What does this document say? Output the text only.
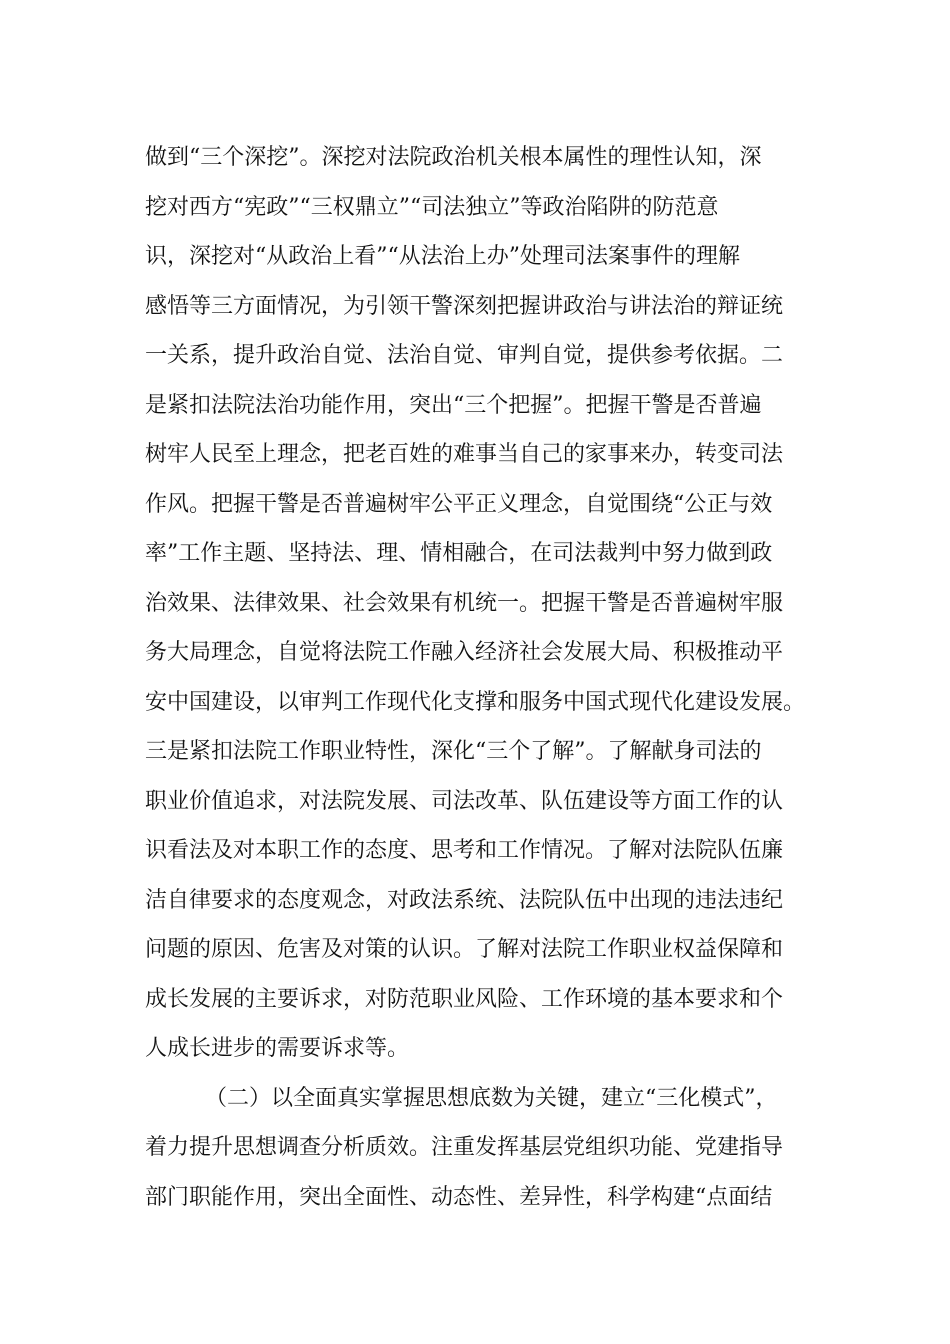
做到“三个深挖”。深挖对法院政治机关根本属性的理性认知，深
挖对西方“宪政”“三权鼎立”“司法独立”等政治陷阱的防范意
识，深挖对“从政治上看”“从法治上办”处理司法案事件的理解
感悟等三方面情况，为引领干警深刻把握讲政治与讲法治的辩证统
一关系，提升政治自觉、法治自觉、审判自觉，提供参考依据。二
是紧扣法院法治功能作用，突出“三个把握”。把握干警是否普遍
树牢人民至上理念，把老百姓的难事当自己的家事来办，转变司法
作风。把握干警是否普遍树牢公平正义理念，自觉围绕“公正与效
率”工作主题、坚持法、理、情相融合，在司法裁判中努力做到政
治效果、法律效果、社会效果有机统一。把握干警是否普遍树牢服
务大局理念，自觉将法院工作融入经济社会发展大局、积极推动平
安中国建设，以审判工作现代化支撑和服务中国式现代化建设发展。
三是紧扣法院工作职业特性，深化“三个了解”。了解献身司法的
职业价值追求，对法院发展、司法改革、队伍建设等方面工作的认
识看法及对本职工作的态度、思考和工作情况。了解对法院队伍廉
洁自律要求的态度观念，对政法系统、法院队伍中出现的违法违纪
问题的原因、危害及对策的认识。了解对法院工作职业权益保障和
成长发展的主要诉求，对防范职业风险、工作环境的基本要求和个
人成长进步的需要诉求等。
（二）以全面真实掌握思想底数为关键，建立“三化模式”，
着力提升思想调查分析质效。注重发挥基层党组织功能、党建指导
部门职能作用，突出全面性、动态性、差异性，科学构建“点面结
